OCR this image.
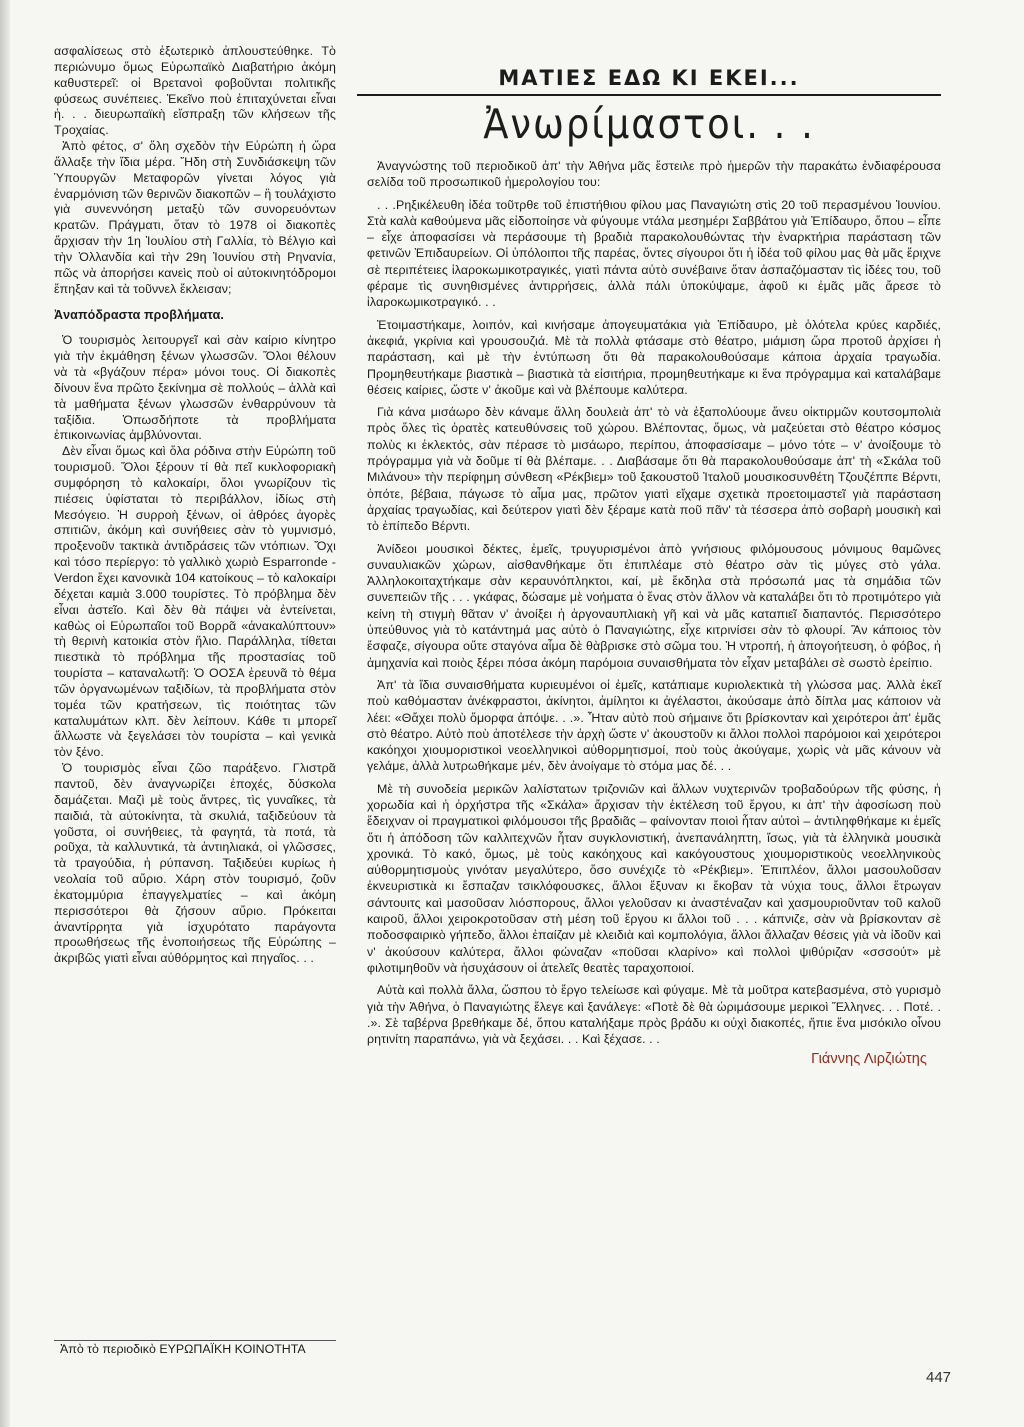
ασφαλίσεως στὸ ἐξωτερικὸ ἀπλουστεύθηκε. Τὸ περιώνυμο ὅμως Εὐρωπαϊκὸ Διαβατήριο ἀκόμη καθυστερεῖ: οἱ Βρετανοὶ φοβοῦνται πολιτικῆς φύσεως συνέπειες. Ἐκεῖνο ποὺ ἐπιταχύνεται εἶναι ἡ. . . διευρωπαϊκὴ εἴσπραξη τῶν κλήσεων τῆς Τροχαίας.

Ἀπὸ φέτος, σ' ὅλη σχεδὸν τὴν Εὐρώπη ἡ ὥρα ἄλλαξε τὴν ἴδια μέρα. Ἤδη στὴ Συνδιάσκεψη τῶν Ὑπουργῶν Μεταφορῶν γίνεται λόγος γιὰ ἐναρμόνιση τῶν θερινῶν διακοπῶν – ἢ τουλάχιστο γιὰ συνεννόηση μεταξὺ τῶν συνορευόντων κρατῶν. Πράγματι, ὅταν τὸ 1978 οἱ διακοπὲς ἄρχισαν τὴν 1η Ἰουλίου στὴ Γαλλία, τὸ Βέλγιο καὶ τὴν Ὀλλανδία καὶ τὴν 29η Ἰουνίου στὴ Ρηνανία, πῶς νὰ ἀπορήσει κανεὶς ποὺ οἱ αὐτοκινητόδρομοι ἔπηξαν καὶ τὰ τοῦννελ ἔκλεισαν;

Ἀναπόδραστα προβλήματα.

Ὁ τουρισμὸς λειτουργεῖ καὶ σὰν καίριο κίνητρο γιὰ τὴν ἐκμάθηση ξένων γλωσσῶν. Ὅλοι θέλουν νὰ τὰ «βγάζουν πέρα» μόνοι τους. Οἱ διακοπὲς δίνουν ἕνα πρῶτο ξεκίνημα σὲ πολλούς – ἀλλὰ καὶ τὰ μαθήματα ξένων γλωσσῶν ἐνθαρρύνουν τὰ ταξίδια. Ὁπωσδήποτε τὰ προβλήματα ἐπικοινωνίας ἀμβλύνονται.

Δὲν εἶναι ὅμως καὶ ὅλα ρόδινα στὴν Εὐρώπη τοῦ τουρισμοῦ. Ὅλοι ξέρουν τί θὰ πεῖ κυκλοφοριακὴ συμφόρηση τὸ καλοκαίρι, ὅλοι γνωρίζουν τὶς πιέσεις ὑφίσταται τὸ περιβάλλον, ἰδίως στὴ Μεσόγειο. Ἡ συρροὴ ξένων, οἱ ἀθρόες ἀγορὲς σπιτιῶν, ἀκόμη καὶ συνήθειες σὰν τὸ γυμνισμό, προξενοῦν τακτικὰ ἀντιδράσεις τῶν ντόπιων. Ὄχι καὶ τόσο περίεργο: τὸ γαλλικὸ χωριὸ Esparronde - Verdon ἔχει κανονικὰ 104 κατοίκους – τὸ καλοκαίρι δέχεται καμιὰ 3.000 τουρίστες. Τὸ πρόβλημα δὲν εἶναι ἀστεῖο. Καὶ δὲν θὰ πάψει νὰ ἐντείνεται, καθὼς οἱ Εὐρωπαῖοι τοῦ Βορρᾶ «ἀνακαλύπτουν» τὴ θερινὴ κατοικία στὸν ἥλιο. Παράλληλα, τίθεται πιεστικὰ τὸ πρόβλημα τῆς προστασίας τοῦ τουρίστα – καταναλωτῆ: Ὁ ΟΟΣΑ ἐρευνᾶ τὸ θέμα τῶν ὀργανωμένων ταξιδίων, τὰ προβλήματα στὸν τομέα τῶν κρατήσεων, τὶς ποιότητας τῶν καταλυμάτων κλπ. δὲν λείπουν. Κάθε τι μπορεῖ ἄλλωστε νὰ ξεγελάσει τὸν τουρίστα – καὶ γενικὰ τὸν ξένο.

Ὁ τουρισμὸς εἶναι ζῶο παράξενο. Γλιστρᾶ παντοῦ, δὲν ἀναγνωρίζει ἐποχές, δύσκολα δαμάζεται. Μαζὶ μὲ τοὺς ἄντρες, τὶς γυναῖκες, τὰ παιδιά, τὰ αὐτοκίνητα, τὰ σκυλιά, ταξιδεύουν τὰ γοῦστα, οἱ συνήθειες, τὰ φαγητά, τὰ ποτά, τὰ ροῦχα, τὰ καλλυντικά, τὰ ἀντιηλιακά, οἱ γλῶσσες, τὰ τραγούδια, ἡ ρύπανση. Ταξιδεύει κυρίως ἡ νεολαία τοῦ αὔριο. Χάρη στὸν τουρισμό, ζοῦν ἑκατομμύρια ἐπαγγελματίες – καὶ ἀκόμη περισσότεροι θὰ ζήσουν αὔριο. Πρόκειται ἀναντίρρητα γιὰ ἰσχυρότατο παράγοντα προωθήσεως τῆς ἑνοποιήσεως τῆς Εὐρώπης – ἀκριβῶς γιατὶ εἶναι αὐθόρμητος καὶ πηγαῖος. . .

Ἀπὸ τὸ περιοδικὸ ΕΥΡΩΠΑΪΚΗ ΚΟΙΝΟΤΗΤΑ
ΜΑΤΙΕΣ ΕΔΩ ΚΙ ΕΚΕΙ...
Ἀνωρίμαστοι. . .

Ἀναγνώστης τοῦ περιοδικοῦ ἀπ' τὴν Ἀθήνα μᾶς ἔστειλε πρὸ ἡμερῶν τὴν παρακάτω ἐνδιαφέρουσα σελίδα τοῦ προσωπικοῦ ἡμερολογίου του:

. . .Ρηξικέλευθη ἰδέα τοῦτρθε τοῦ ἐπιστήθιου φίλου μας Παναγιώτη στὶς 20 τοῦ περασμένου Ἰουνίου. Στὰ καλὰ καθούμενα μᾶς εἰδοποίησε νὰ φύγουμε ντάλα μεσημέρι Σαββάτου γιὰ Ἐπίδαυρο, ὅπου – εἶπε – εἶχε ἀποφασίσει νὰ περάσουμε τὴ βραδιὰ παρακολουθώντας τὴν ἐναρκτήρια παράσταση τῶν φετινῶν Ἐπιδαυρείων. Οἱ ὑπόλοιποι τῆς παρέας, ὄντες σίγουροι ὅτι ἡ ἰδέα τοῦ φίλου μας θὰ μᾶς ἔριχνε σὲ περιπέτειες ἱλαροκωμικοτραγικές, γιατὶ πάντα αὐτὸ συνέβαινε ὅταν ἀσπαζόμασταν τὶς ἰδέες του, τοῦ φέραμε τὶς συνηθισμένες ἀντιρρήσεις, ἀλλὰ πάλι ὑποκύψαμε, ἀφοῦ κι ἐμᾶς μᾶς ἄρεσε τὸ ἱλαροκωμικοτραγικό. . .

Ἐτοιμαστήκαμε, λοιπόν, καὶ κινήσαμε ἀπογευματάκια γιὰ Ἐπίδαυρο, μὲ ὁλότελα κρύες καρδιές, ἀκεφιά, γκρίνια καὶ γρουσουζιά. Μὲ τὰ πολλὰ φτάσαμε στὸ θέατρο, μιάμιση ὥρα προτοῦ ἀρχίσει ἡ παράσταση, καὶ μὲ τὴν ἐντύπωση ὅτι θὰ παρακολουθούσαμε κάποια ἀρχαία τραγωδία. Προμηθευτήκαμε βιαστικὰ – βιαστικὰ τὰ εἰσιτήρια, προμηθευτήκαμε κι ἕνα πρόγραμμα καὶ καταλάβαμε θέσεις καίριες, ὥστε ν' ἀκοῦμε καὶ νὰ βλέπουμε καλύτερα.

Γιὰ κάνα μισάωρο δὲν κάναμε ἄλλη δουλειὰ ἀπ' τὸ νὰ ἐξαπολύουμε ἄνευ οἰκτιρμῶν κουτσομπολιὰ πρὸς ὅλες τὶς ὁρατὲς κατευθύνσεις τοῦ χώρου. Βλέποντας, ὅμως, νὰ μαζεύεται στὸ θέατρο κόσμος πολὺς κι ἐκλεκτός, σὰν πέρασε τὸ μισάωρο, περίπου, ἀποφασίσαμε – μόνο τότε – ν' ἀνοίξουμε τὸ πρόγραμμα γιὰ νὰ δοῦμε τί θὰ βλέπαμε. . . Διαβάσαμε ὅτι θὰ παρακολουθούσαμε ἀπ' τὴ «Σκάλα τοῦ Μιλάνου» τὴν περίφημη σύνθεση «Ρέκβιεμ» τοῦ ξακουστοῦ Ἰταλοῦ μουσικοσυνθέτη Τζουζέππε Βέρντι, ὁπότε, βέβαια, πάγωσε τὸ αἷμα μας, πρῶτον γιατὶ εἴχαμε σχετικὰ προετοιμαστεῖ γιὰ παράσταση ἀρχαίας τραγωδίας, καὶ δεύτερον γιατὶ δὲν ξέραμε κατὰ ποῦ πᾶν' τὰ τέσσερα ἀπὸ σοβαρὴ μουσικὴ καὶ τὸ ἐπίπεδο Βέρντι.

Ἀνίδεοι μουσικοὶ δέκτες, ἐμεῖς, τρυγυρισμένοι ἀπὸ γνήσιους φιλόμουσους μόνιμους θαμῶνες συναυλιακῶν χώρων, αἰσθανθήκαμε ὅτι ἐπιπλέαμε στὸ θέατρο σὰν τὶς μύγες στὸ γάλα. Ἀλληλοκοιταχτήκαμε σὰν κεραυνόπληκτοι, καί, μὲ ἔκδηλα στὰ πρόσωπά μας τὰ σημάδια τῶν συνεπειῶν τῆς . . . γκάφας, δώσαμε μὲ νοήματα ὁ ἕνας στὸν ἄλλον νὰ καταλάβει ὅτι τὸ προτιμότερο γιὰ κείνη τὴ στιγμὴ θᾶταν ν' ἀνοίξει ἡ ἀργοναυπλιακὴ γῆ καὶ νὰ μᾶς καταπιεῖ διαπαντός. Περισσότερο ὑπεύθυνος γιὰ τὸ κατάντημά μας αὐτὸ ὁ Παναγιώτης, εἶχε κιτρινίσει σὰν τὸ φλουρί. Ἂν κάποιος τὸν ἔσφαζε, σίγουρα οὔτε σταγόνα αἷμα δὲ θὰβρισκε στὸ σῶμα του. Ἡ ντροπή, ἡ ἀπογοήτευση, ὁ φόβος, ἡ ἀμηχανία καὶ ποιὸς ξέρει πόσα ἀκόμη παρόμοια συναισθήματα τὸν εἶχαν μεταβάλει σὲ σωστὸ ἐρείπιο.

Ἀπ' τὰ ἴδια συναισθήματα κυριευμένοι οἱ ἐμεῖς, κατάπιαμε κυριολεκτικὰ τὴ γλώσσα μας. Ἀλλὰ ἐκεῖ ποὺ καθόμασταν ἀνέκφραστοι, ἀκίνητοι, ἀμίλητοι κι ἀγέλαστοι, ἀκούσαμε ἀπὸ δίπλα μας κάποιον νὰ λέει: «Θἄχει πολὺ ὄμορφα ἀπόψε. . .». Ἦταν αὐτὸ ποὺ σήμαινε ὅτι βρίσκονταν καὶ χειρότεροι ἀπ' ἐμᾶς στὸ θέατρο. Αὐτὸ ποὺ ἀποτέλεσε τὴν ἀρχὴ ὥστε ν' ἀκουστοῦν κι ἄλλοι πολλοὶ παρόμοιοι καὶ χειρότεροι κακόηχοι χιουμοριστικοὶ νεοελληνικοὶ αὐθορμητισμοί, ποὺ τοὺς ἀκούγαμε, χωρὶς νὰ μᾶς κάνουν νὰ γελάμε, ἀλλὰ λυτρωθήκαμε μέν, δὲν ἀνοίγαμε τὸ στόμα μας δέ. . .

Μὲ τὴ συνοδεία μερικῶν λαλίστατων τριζονιῶν καὶ ἄλλων νυχτερινῶν τροβαδούρων τῆς φύσης, ἡ χορωδία καὶ ἡ ὀρχήστρα τῆς «Σκάλα» ἄρχισαν τὴν ἐκτέλεση τοῦ ἔργου, κι ἀπ' τὴν ἀφοσίωση ποὺ ἔδειχναν οἱ πραγματικοὶ φιλόμουσοι τῆς βραδιᾶς – φαίνονταν ποιοὶ ἦταν αὐτοὶ – ἀντιληφθήκαμε κι ἐμεῖς ὅτι ἡ ἀπόδοση τῶν καλλιτεχνῶν ἦταν συγκλονιστική, ἀνεπανάληπτη, ἴσως, γιὰ τὰ ἑλληνικὰ μουσικὰ χρονικά. Τὸ κακό, ὅμως, μὲ τοὺς κακόηχους καὶ κακόγουστους χιουμοριστικοὺς νεοελληνικοὺς αὐθορμητισμοὺς γινόταν μεγαλύτερο, ὅσο συνέχιζε τὸ «Ρέκβιεμ». Ἐπιπλέον, ἄλλοι μασουλοῦσαν ἐκνευριστικὰ κι ἔσπαζαν τσικλόφουσκες, ἄλλοι ἔξυναν κι ἔκοβαν τὰ νύχια τους, ἄλλοι ἔτρωγαν σάντουιτς καὶ μασοῦσαν λιόσπορους, ἄλλοι γελοῦσαν κι ἀναστέναζαν καὶ χασμουριοῦνταν τοῦ καλοῦ καιροῦ, ἄλλοι χειροκροτοῦσαν στὴ μέση τοῦ ἔργου κι ἄλλοι τοῦ . . . κάπνιζε, σὰν νὰ βρίσκονταν σὲ ποδοσφαιρικὸ γήπεδο, ἄλλοι ἐπαίζαν μὲ κλειδιὰ καὶ κομπολόγια, ἄλλοι ἄλλαζαν θέσεις γιὰ νὰ ἰδοῦν καὶ ν' ἀκούσουν καλύτερα, ἄλλοι φώναζαν «ποῦσαι κλαρίνο» καὶ πολλοὶ ψιθύριζαν «σσσούτ» μὲ φιλοτιμηθοῦν νὰ ἡσυχάσουν οἱ ἀτελεῖς θεατὲς ταραχοποιοί.

Αὐτὰ καὶ πολλὰ ἄλλα, ὥσπου τὸ ἔργο τελείωσε καὶ φύγαμε. Μὲ τὰ μοῦτρα κατεβασμένα, στὸ γυρισμὸ γιὰ τὴν Ἀθήνα, ὁ Παναγιώτης ἔλεγε καὶ ξανάλεγε: «Ποτὲ δὲ θὰ ὡριμάσουμε μερικοὶ Ἕλληνες. . . Ποτέ. . .». Σὲ ταβέρνα βρεθήκαμε δέ, ὅπου καταλήξαμε πρὸς βράδυ κι οὐχὶ διακοπές, ἤπιε ἕνα μισόκιλο οἶνου ρητινίτη παραπάνω, γιὰ νὰ ξεχάσει. . . Καὶ ξέχασε. . .

Γιάννης Λιρζιώτης
447
